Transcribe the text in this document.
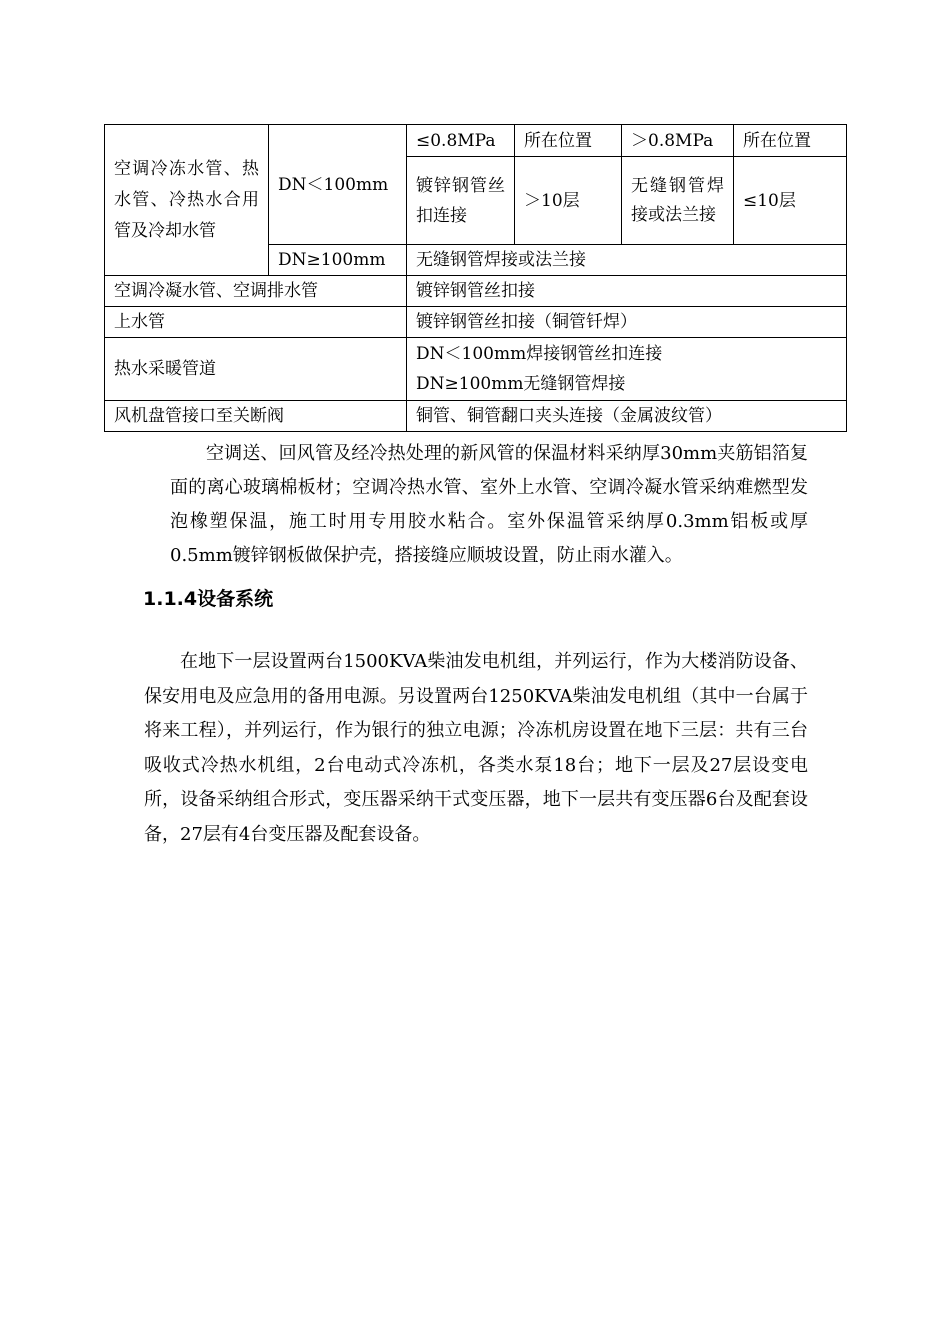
空调冷冻水管、热水管、冷热水合用管及冷却水管	DN＜100mm	≤0.8MPa	所在位置	＞0.8MPa	所在位置
		镀锌钢管丝扣连接	＞10层	无缝钢管焊接或法兰接	≤10层
	DN≥100mm	无缝钢管焊接或法兰接			
空调冷凝水管、空调排水管		镀锌钢管丝扣接			
上水管		镀锌钢管丝扣接（铜管钎焊）			
热水采暖管道		DN＜100mm焊接钢管丝扣连接
DN≥100mm无缝钢管焊接			

风机盘管接口至关断阀		铜管、铜管翻口夹头连接（金属波纹管）			

空调送、回风管及经冷热处理的新风管的保温材料采纳厚30mm夹筋铝箔复面的离心玻璃棉板材；空调冷热水管、室外上水管、空调冷凝水管采纳难燃型发泡橡塑保温，施工时用专用胶水粘合。室外保温管采纳厚0.3mm铝板或厚0.5mm镀锌钢板做保护壳，搭接缝应顺坡设置，防止雨水灌入。

1.1.4设备系统

在地下一层设置两台1500KVA柴油发电机组，并列运行，作为大楼消防设备、保安用电及应急用的备用电源。另设置两台1250KVA柴油发电机组（其中一台属于将来工程），并列运行，作为银行的独立电源；冷冻机房设置在地下三层：共有三台吸收式冷热水机组，2台电动式冷冻机，各类水泵18台；地下一层及27层设变电所，设备采纳组合形式，变压器采纳干式变压器，地下一层共有变压器6台及配套设备，27层有4台变压器及配套设备。
